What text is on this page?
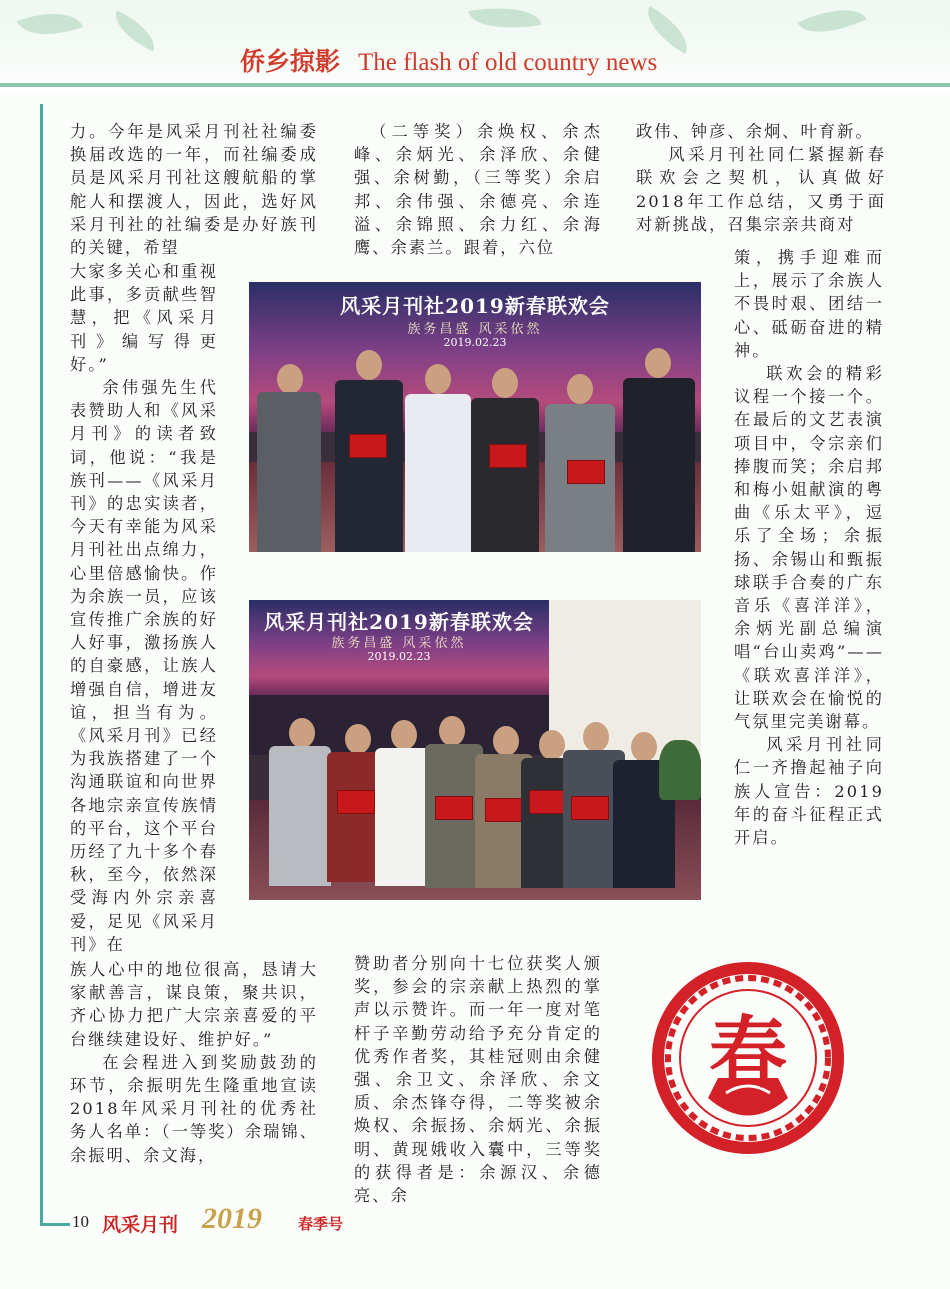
侨乡掠影 The flash of old country news

力。今年是风采月刊社社编委换届改选的一年，而社编委成员是风采月刊社这艘航船的掌舵人和摆渡人，因此，选好风采月刊社的社编委是办好族刊的关键，希望

大家多关心和重视此事，多贡献些智慧，把《风采月刊》编写得更好。”

余伟强先生代表赞助人和《风采月刊》的读者致词，他说：“我是族刊——《风采月刊》的忠实读者，今天有幸能为风采月刊社出点绵力，心里倍感愉快。作为余族一员，应该宣传推广余族的好人好事，激扬族人的自豪感，让族人增强自信，增进友谊，担当有为。《风采月刊》已经为我族搭建了一个沟通联谊和向世界各地宗亲宣传族情的平台，这个平台历经了九十多个春秋，至今，依然深受海内外宗亲喜爱，足见《风采月刊》在

族人心中的地位很高，恳请大家献善言，谋良策，聚共识，齐心协力把广大宗亲喜爱的平台继续建设好、维护好。”

在会程进入到奖励鼓劲的环节，余振明先生隆重地宣读2018年风采月刊社的优秀社务人名单：（一等奖）余瑞锦、余振明、余文海，

（二等奖）余焕权、余杰峰、余炳光、余泽欣、余健强、余树勤，（三等奖）余启邦、余伟强、余德亮、余连溢、余锦照、余力红、余海鹰、余素兰。跟着，六位

赞助者分别向十七位获奖人颁奖，参会的宗亲献上热烈的掌声以示赞许。而一年一度对笔杆子辛勤劳动给予充分肯定的优秀作者奖，其桂冠则由余健强、余卫文、余泽欣、余文质、余杰锋夺得，二等奖被余焕权、余振扬、余炳光、余振明、黄现娥收入囊中，三等奖的获得者是：余源汉、余德亮、余

政伟、钟彦、余炯、叶育新。

风采月刊社同仁紧握新春联欢会之契机，认真做好2018年工作总结，又勇于面对新挑战，召集宗亲共商对

策，携手迎难而上，展示了余族人不畏时艰、团结一心、砥砺奋进的精神。

联欢会的精彩议程一个接一个。在最后的文艺表演项目中，令宗亲们捧腹而笑；余启邦和梅小姐献演的粤曲《乐太平》，逗乐了全场；余振扬、余锡山和甄振球联手合奏的广东音乐《喜洋洋》，余炳光副总编演唱“台山卖鸡”——《联欢喜洋洋》，让联欢会在愉悦的气氛里完美谢幕。

风采月刊社同仁一齐撸起袖子向族人宣告：2019年的奋斗征程正式开启。

风采月刊社2019新春联欢会
族务昌盛 风采依然
2019.02.23
风采月刊社2019新春联欢会
族务昌盛 风采依然
2019.02.23
春
10 风采月刊 2019 春季号
